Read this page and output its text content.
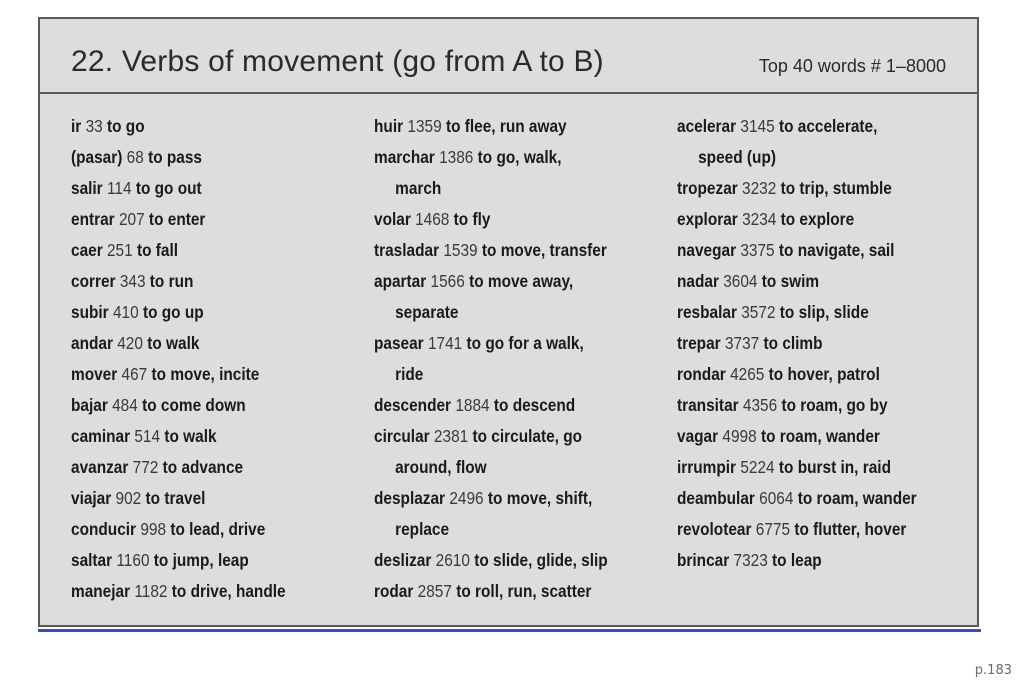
22. Verbs of movement (go from A to B)	Top 40 words # 1–8000
ir 33 to go
(pasar) 68 to pass
salir 114 to go out
entrar 207 to enter
caer 251 to fall
correr 343 to run
subir 410 to go up
andar 420 to walk
mover 467 to move, incite
bajar 484 to come down
caminar 514 to walk
avanzar 772 to advance
viajar 902 to travel
conducir 998 to lead, drive
saltar 1160 to jump, leap
manejar 1182 to drive, handle
huir 1359 to flee, run away
marchar 1386 to go, walk,
march
volar 1468 to fly
trasladar 1539 to move, transfer
apartar 1566 to move away,
separate
pasear 1741 to go for a walk,
ride
descender 1884 to descend
circular 2381 to circulate, go
around, flow
desplazar 2496 to move, shift,
replace
deslizar 2610 to slide, glide, slip
rodar 2857 to roll, run, scatter
acelerar 3145 to accelerate,
speed (up)
tropezar 3232 to trip, stumble
explorar 3234 to explore
navegar 3375 to navigate, sail
nadar 3604 to swim
resbalar 3572 to slip, slide
trepar 3737 to climb
rondar 4265 to hover, patrol
transitar 4356 to roam, go by
vagar 4998 to roam, wander
irrumpir 5224 to burst in, raid
deambular 6064 to roam, wander
revolotear 6775 to flutter, hover
brincar 7323 to leap
p.183
